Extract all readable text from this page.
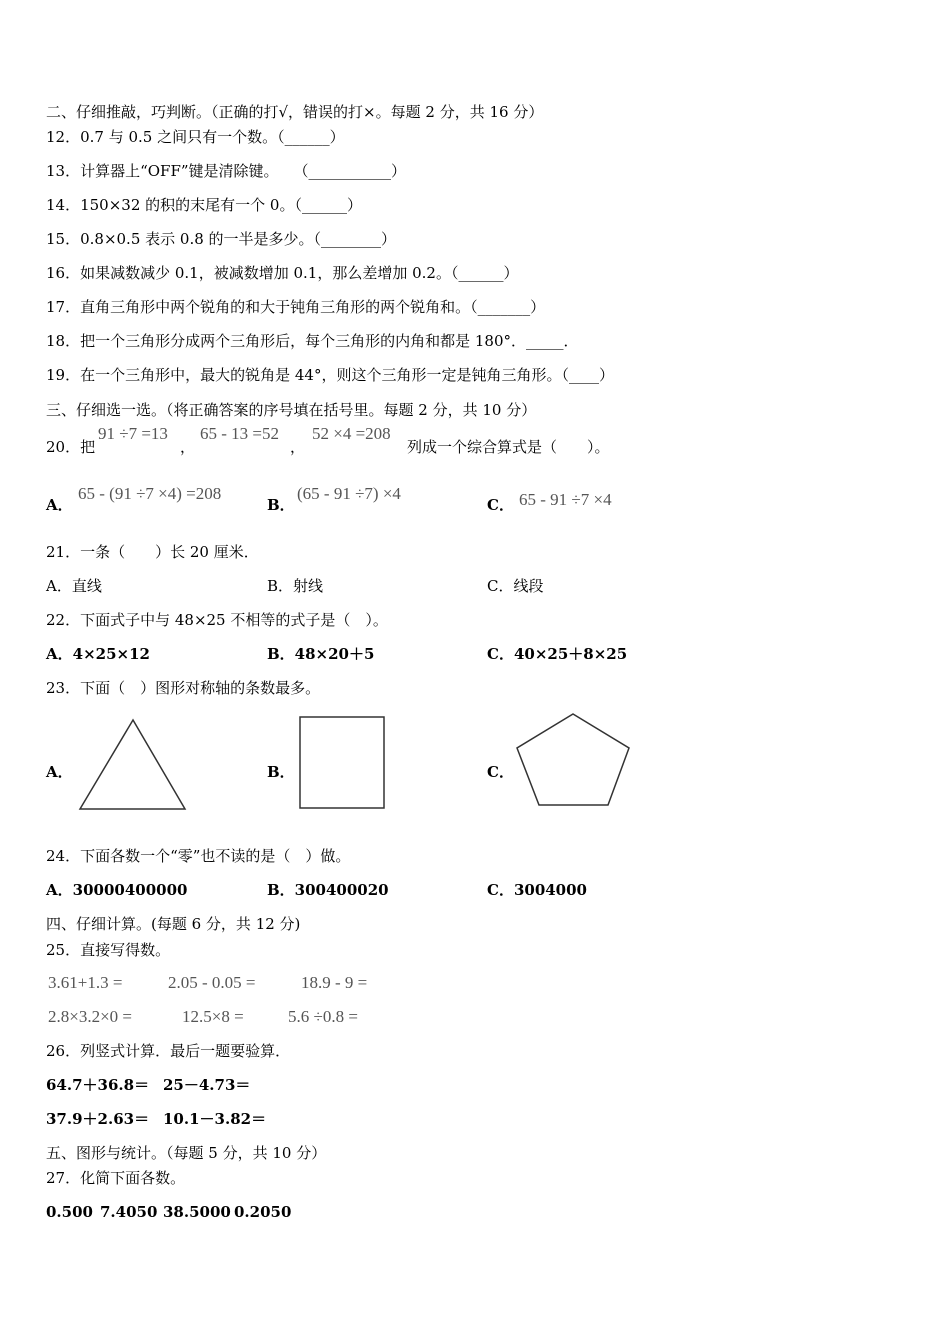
二、仔细推敲，巧判断。（正确的打√，错误的打×。每题 2 分，共 16 分）
12．0.7 与 0.5 之间只有一个数。（______）
13．计算器上“OFF”键是清除键。　　（___________）
14．150×32 的积的末尾有一个 0。（______）
15．0.8×0.5 表示 0.8 的一半是多少。（________）
16．如果减数减少 0.1，被减数增加 0.1，那么差增加 0.2。（______）
17．直角三角形中两个锐角的和大于钝角三角形的两个锐角和。（_______）
18．把一个三角形分成两个三角形后，每个三角形的内角和都是 180°．_____．
19．在一个三角形中，最大的锐角是 44°，则这个三角形一定是钝角三角形。（____）
三、仔细选一选。（将正确答案的序号填在括号里。每题 2 分，共 10 分）
20．把
91 ÷7 =13
，
65 - 13 =52
，
52 ×4 =208
列成一个综合算式是（　　）。
A．
65 - (91 ÷7 ×4) =208
B．
(65 - 91 ÷7) ×4
C． 65 - 91 ÷7 ×4
21．一条（　　）长 20 厘米．
A．直线	B．射线	C．线段
22．下面式子中与 48×25 不相等的式子是（　）。
A．4×25×12	B．48×20＋5	C．40×25＋8×25
23．下面（　）图形对称轴的条数最多。
A．	B．	C．
24．下面各数一个“零”也不读的是（　）做。
A．30000400000	B．300400020	C．3004000
四、仔细计算。(每题 6 分，共 12 分)
25．直接写得数。
3.61+1.3 =	2.05 - 0.05 =	18.9 - 9 =
2.8×3.2×0 =	12.5×8 =	5.6 ÷0.8 =
26．列竖式计算．最后一题要验算．
64.7＋36.8＝ 25－4.73＝
37.9＋2.63＝ 10.1－3.82＝
五、图形与统计。（每题 5 分，共 10 分）
27．化简下面各数。
0.500 7.4050 38.5000 0.2050
